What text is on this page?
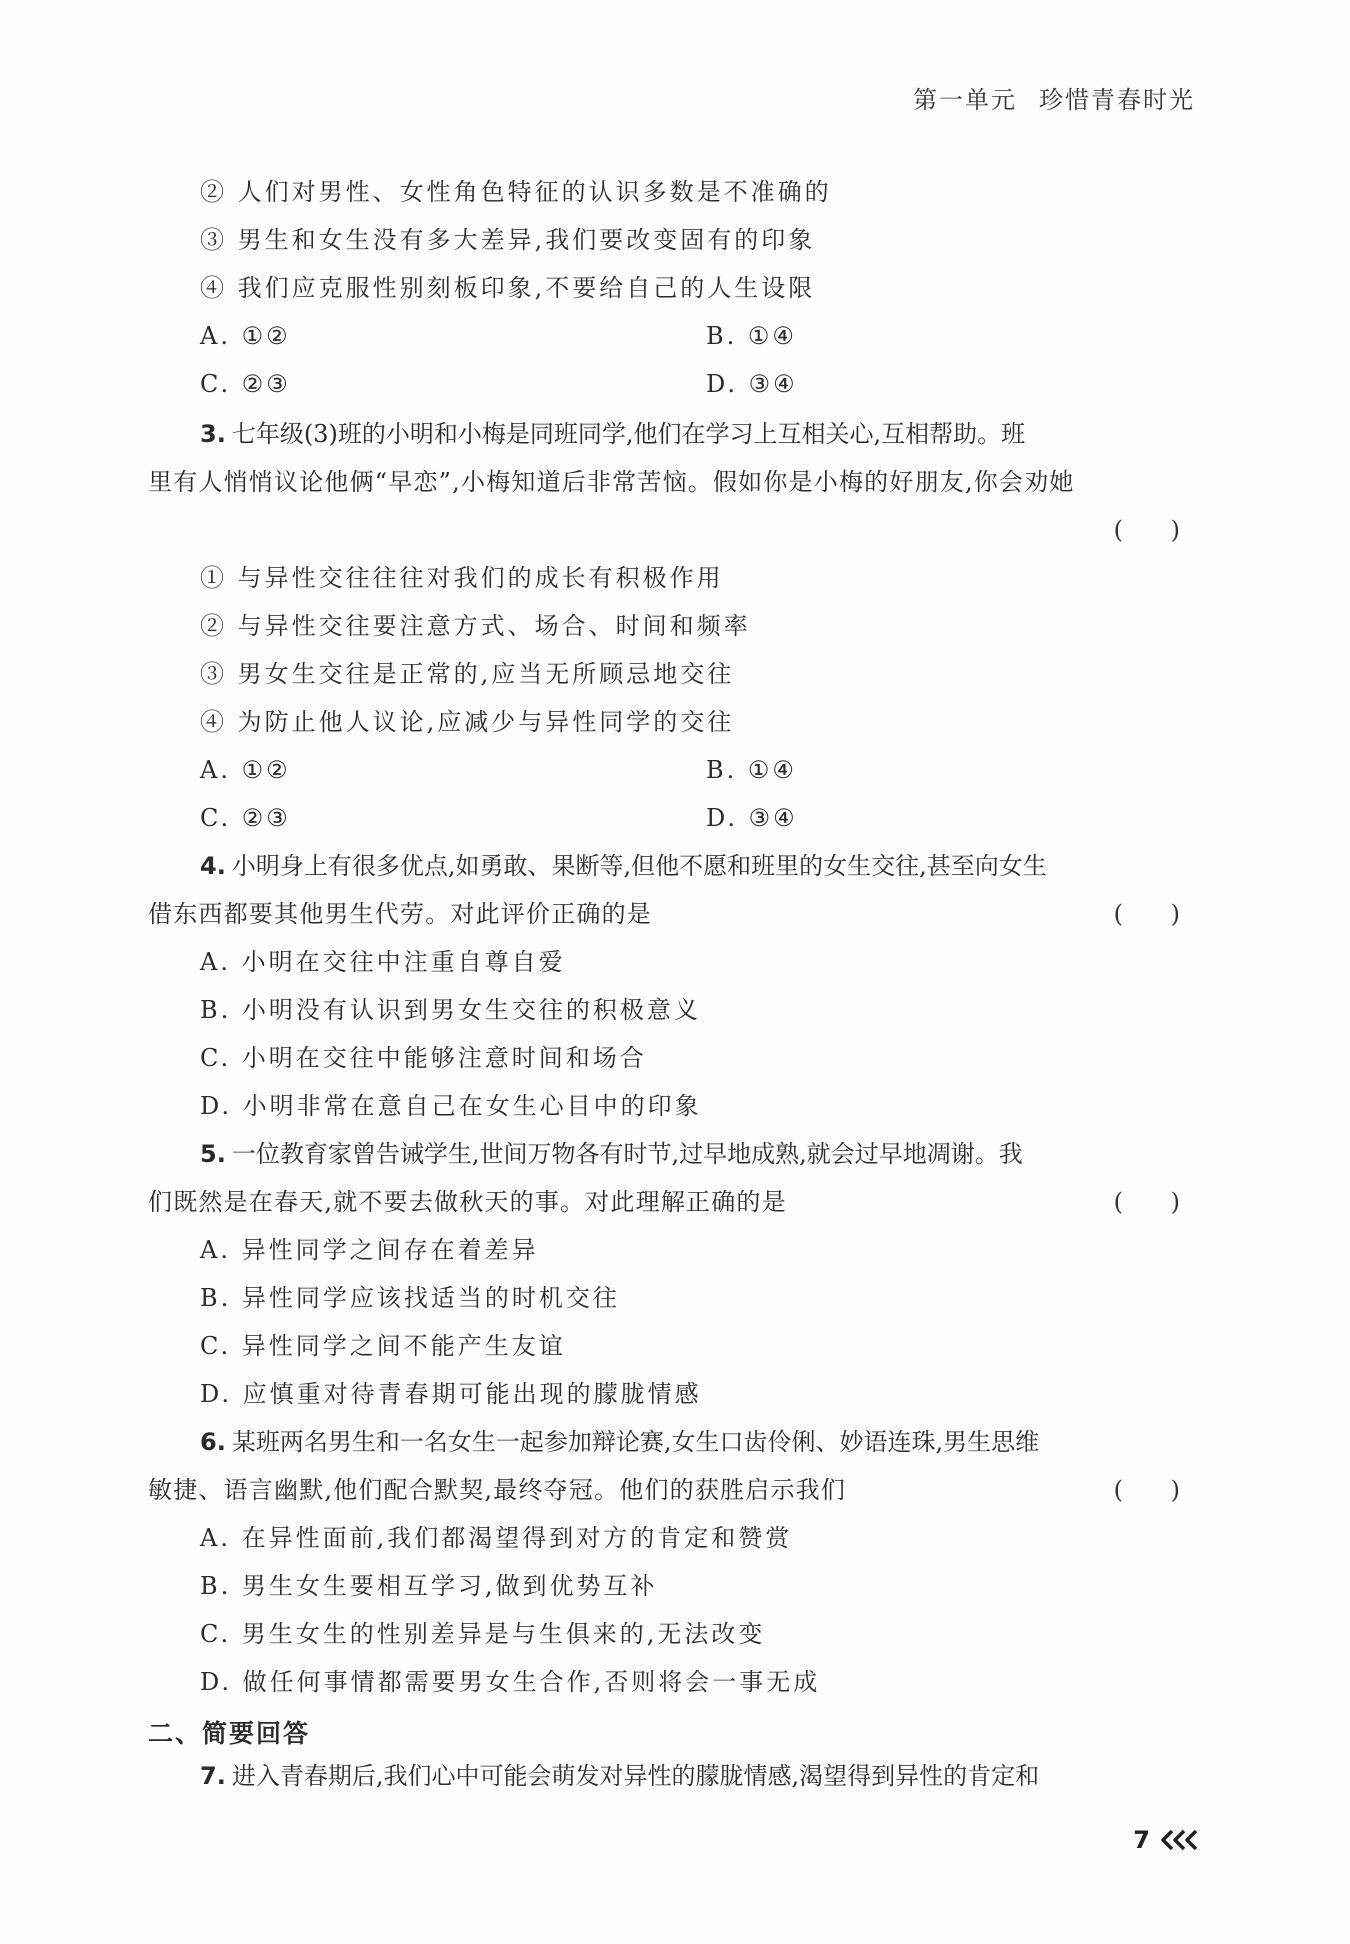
第一单元 珍惜青春时光
② 人们对男性、女性角色特征的认识多数是不准确的
③ 男生和女生没有多大差异,我们要改变固有的印象
④ 我们应克服性别刻板印象,不要给自己的人生设限
A. ①②	B. ①④
C. ②③	D. ③④
3. 七年级(3)班的小明和小梅是同班同学,他们在学习上互相关心,互相帮助。班
里有人悄悄议论他俩“早恋”,小梅知道后非常苦恼。假如你是小梅的好朋友,你会劝她
( )
① 与异性交往往往对我们的成长有积极作用
② 与异性交往要注意方式、场合、时间和频率
③ 男女生交往是正常的,应当无所顾忌地交往
④ 为防止他人议论,应减少与异性同学的交往
A. ①②	B. ①④
C. ②③	D. ③④
4. 小明身上有很多优点,如勇敢、果断等,但他不愿和班里的女生交往,甚至向女生
借东西都要其他男生代劳。对此评价正确的是	( )
A. 小明在交往中注重自尊自爱
B. 小明没有认识到男女生交往的积极意义
C. 小明在交往中能够注意时间和场合
D. 小明非常在意自己在女生心目中的印象
5. 一位教育家曾告诫学生,世间万物各有时节,过早地成熟,就会过早地凋谢。我
们既然是在春天,就不要去做秋天的事。对此理解正确的是	( )
A. 异性同学之间存在着差异
B. 异性同学应该找适当的时机交往
C. 异性同学之间不能产生友谊
D. 应慎重对待青春期可能出现的朦胧情感
6. 某班两名男生和一名女生一起参加辩论赛,女生口齿伶俐、妙语连珠,男生思维
敏捷、语言幽默,他们配合默契,最终夺冠。他们的获胜启示我们	( )
A. 在异性面前,我们都渴望得到对方的肯定和赞赏
B. 男生女生要相互学习,做到优势互补
C. 男生女生的性别差异是与生俱来的,无法改变
D. 做任何事情都需要男女生合作,否则将会一事无成
二、简要回答
7. 进入青春期后,我们心中可能会萌发对异性的朦胧情感,渴望得到异性的肯定和
7
